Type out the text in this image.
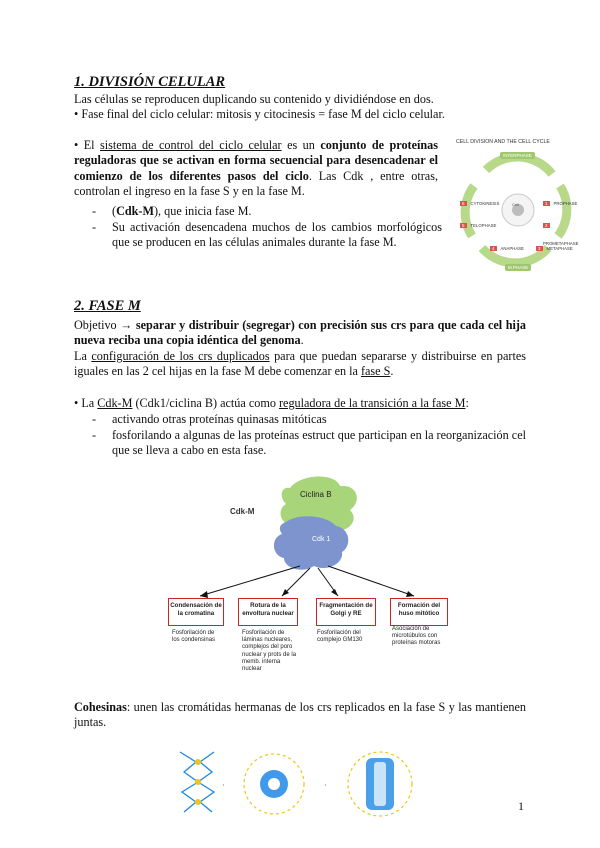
1. DIVISIÓN CELULAR
Las células se reproducen duplicando su contenido y dividiéndose en dos.
• Fase final del ciclo celular: mitosis y citocinesis = fase M del ciclo celular.
• El sistema de control del ciclo celular es un conjunto de proteínas reguladoras que se activan en forma secuencial para desencadenar el comienzo de los diferentes pasos del ciclo. Las Cdk , entre otras, controlan el ingreso en la fase S y en la fase M.
- (Cdk-M), que inicia fase M.
- Su activación desencadena muchos de los cambios morfológicos que se producen en las células animales durante la fase M.
CELL DIVISION AND THE CELL CYCLE
INTERPHASE
M PHASE
Cell	1 PROPHASE
2 PROMETAPHASE
3 METAPHASE
4 ANAPHASE
5 TELOPHASE
6 CYTOKINESIS
2. FASE M
Objetivo → separar y distribuir (segregar) con precisión sus crs para que cada cel hija nueva reciba una copia idéntica del genoma.
La configuración de los crs duplicados para que puedan separarse y distribuirse en partes iguales en las 2 cel hijas en la fase M debe comenzar en la fase S.
• La Cdk-M (Cdk1/ciclina B) actúa como reguladora de la transición a la fase M:
- activando otras proteínas quinasas mitóticas
- fosforilando a algunas de las proteínas estruct que participan en la reorganización cel que se lleva a cabo en esta fase.
Cdk-M
Ciclina B
Cdk 1
Condensación de la cromatina
Fosforilación de los condensinas
Rotura de la envoltura nuclear
Fosforilación de láminas nucleares, complejos del poro nuclear y prots de la memb. interna nuclear
Fragmentación de Golgi y RE
Fosforilación del complejo GM130
Formación del huso mitótico
Asociación de microtúbulos con proteínas motoras
Cohesinas: unen las cromátidas hermanas de los crs replicados en la fase S y las mantienen juntas.
·	·
1
